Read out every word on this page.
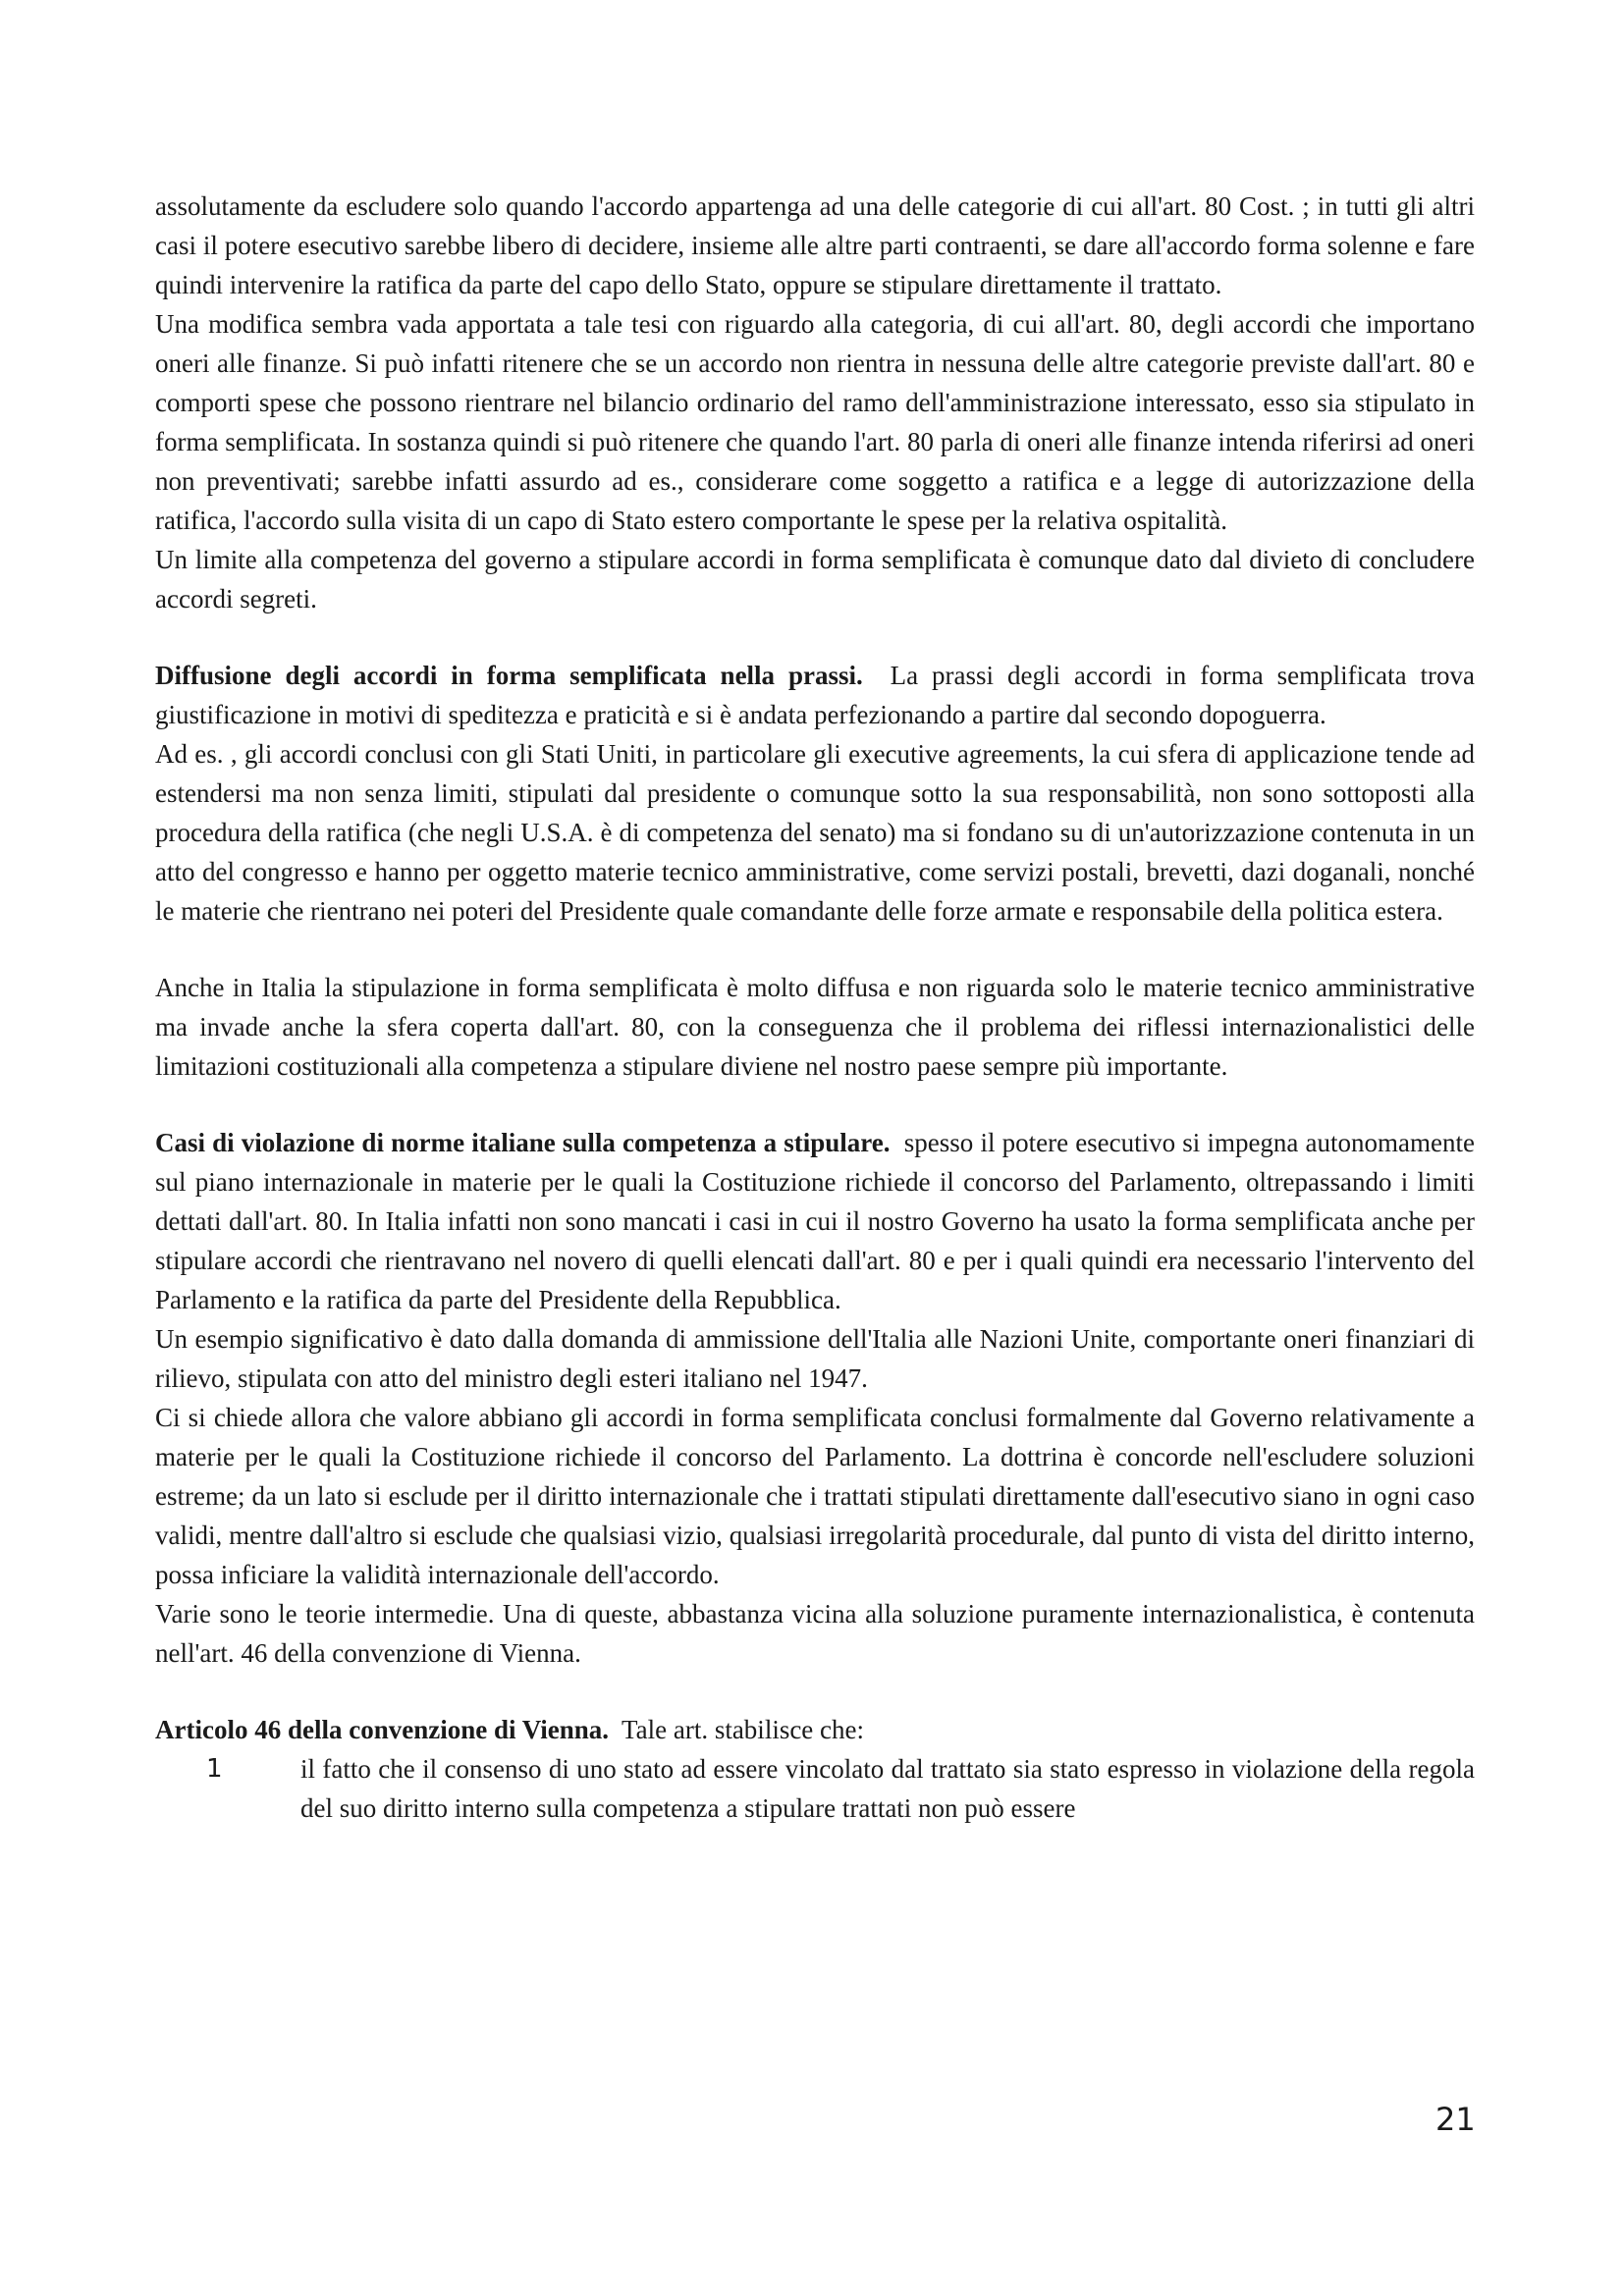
assolutamente da escludere solo quando l'accordo appartenga ad una delle categorie di cui all'art. 80 Cost. ; in tutti gli altri casi il potere esecutivo sarebbe libero di decidere, insieme alle altre parti contraenti, se dare all'accordo forma solenne e fare quindi intervenire la ratifica da parte del capo dello Stato, oppure se stipulare direttamente il trattato.

Una modifica sembra vada apportata a tale tesi con riguardo alla categoria, di cui all'art. 80, degli accordi che importano oneri alle finanze. Si può infatti ritenere che se un accordo non rientra in nessuna delle altre categorie previste dall'art. 80 e comporti spese che possono rientrare nel bilancio ordinario del ramo dell'amministrazione interessato, esso sia stipulato in forma semplificata. In sostanza quindi si può ritenere che quando l'art. 80 parla di oneri alle finanze intenda riferirsi ad oneri non preventivati; sarebbe infatti assurdo ad es., considerare come soggetto a ratifica e a legge di autorizzazione della ratifica, l'accordo sulla visita di un capo di Stato estero comportante le spese per la relativa ospitalità.

Un limite alla competenza del governo a stipulare accordi in forma semplificata è comunque dato dal divieto di concludere accordi segreti.

Diffusione degli accordi in forma semplificata nella prassi. La prassi degli accordi in forma semplificata trova giustificazione in motivi di speditezza e praticità e si è andata perfezionando a partire dal secondo dopoguerra.

Ad es. , gli accordi conclusi con gli Stati Uniti, in particolare gli executive agreements, la cui sfera di applicazione tende ad estendersi ma non senza limiti, stipulati dal presidente o comunque sotto la sua responsabilità, non sono sottoposti alla procedura della ratifica (che negli U.S.A. è di competenza del senato) ma si fondano su di un'autorizzazione contenuta in un atto del congresso e hanno per oggetto materie tecnico amministrative, come servizi postali, brevetti, dazi doganali, nonché le materie che rientrano nei poteri del Presidente quale comandante delle forze armate e responsabile della politica estera.

Anche in Italia la stipulazione in forma semplificata è molto diffusa e non riguarda solo le materie tecnico amministrative ma invade anche la sfera coperta dall'art. 80, con la conseguenza che il problema dei riflessi internazionalistici delle limitazioni costituzionali alla competenza a stipulare diviene nel nostro paese sempre più importante.

Casi di violazione di norme italiane sulla competenza a stipulare. spesso il potere esecutivo si impegna autonomamente sul piano internazionale in materie per le quali la Costituzione richiede il concorso del Parlamento, oltrepassando i limiti dettati dall'art. 80. In Italia infatti non sono mancati i casi in cui il nostro Governo ha usato la forma semplificata anche per stipulare accordi che rientravano nel novero di quelli elencati dall'art. 80 e per i quali quindi era necessario l'intervento del Parlamento e la ratifica da parte del Presidente della Repubblica.

Un esempio significativo è dato dalla domanda di ammissione dell'Italia alle Nazioni Unite, comportante oneri finanziari di rilievo, stipulata con atto del ministro degli esteri italiano nel 1947.

Ci si chiede allora che valore abbiano gli accordi in forma semplificata conclusi formalmente dal Governo relativamente a materie per le quali la Costituzione richiede il concorso del Parlamento. La dottrina è concorde nell'escludere soluzioni estreme; da un lato si esclude per il diritto internazionale che i trattati stipulati direttamente dall'esecutivo siano in ogni caso validi, mentre dall'altro si esclude che qualsiasi vizio, qualsiasi irregolarità procedurale, dal punto di vista del diritto interno, possa inficiare la validità internazionale dell'accordo.

Varie sono le teorie intermedie. Una di queste, abbastanza vicina alla soluzione puramente internazionalistica, è contenuta nell'art. 46 della convenzione di Vienna.

Articolo 46 della convenzione di Vienna. Tale art. stabilisce che:

1	il fatto che il consenso di uno stato ad essere vincolato dal trattato sia stato espresso in violazione della regola del suo diritto interno sulla competenza a stipulare trattati non può essere
21
